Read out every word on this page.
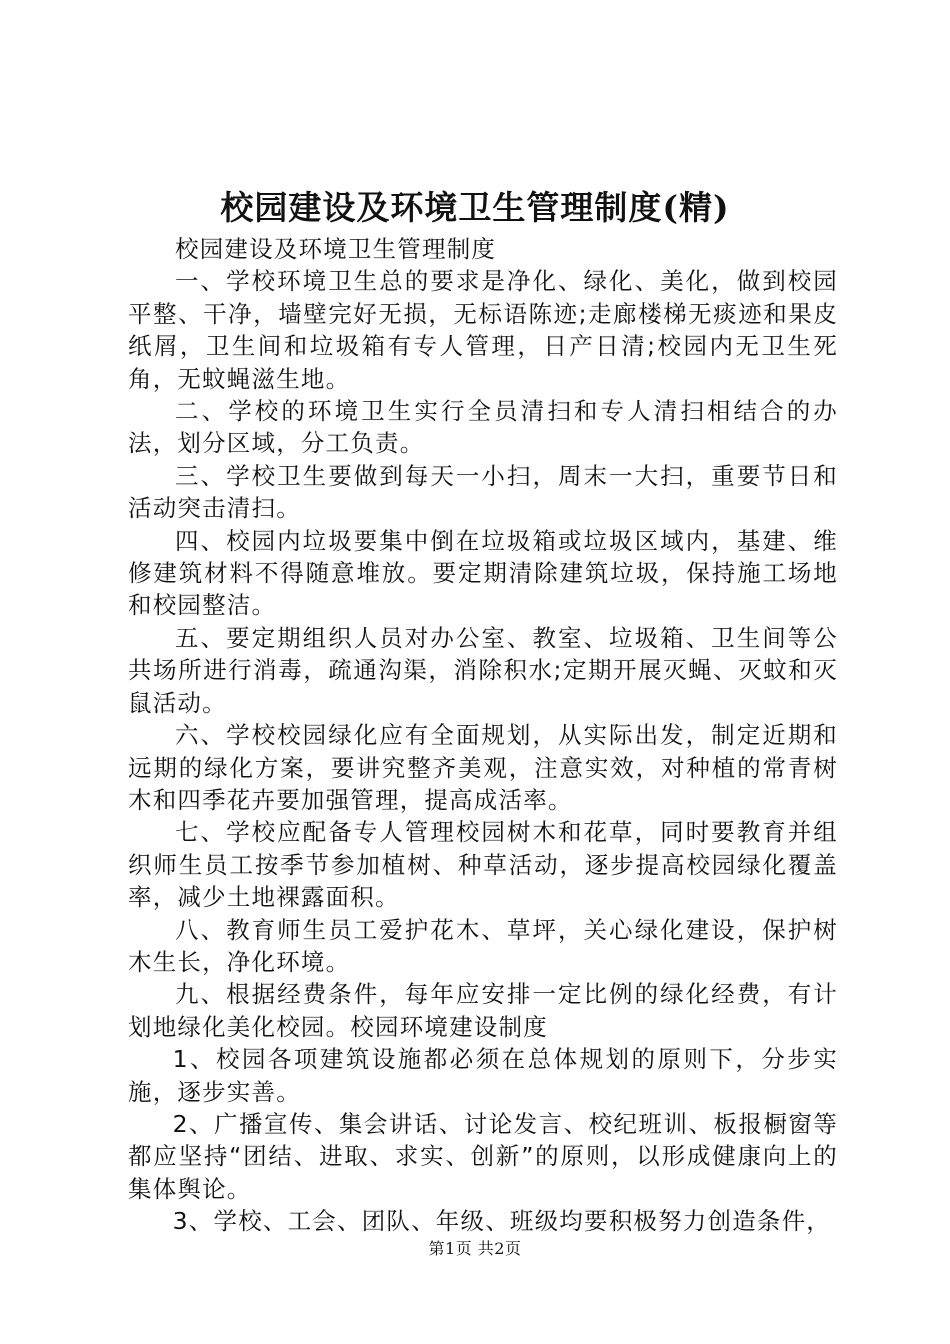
校园建设及环境卫生管理制度(精)

校园建设及环境卫生管理制度

一、学校环境卫生总的要求是净化、绿化、美化，做到校园平整、干净，墙壁完好无损，无标语陈迹;走廊楼梯无痰迹和果皮纸屑，卫生间和垃圾箱有专人管理，日产日清;校园内无卫生死角，无蚊蝇滋生地。

二、学校的环境卫生实行全员清扫和专人清扫相结合的办法，划分区域，分工负责。

三、学校卫生要做到每天一小扫，周末一大扫，重要节日和活动突击清扫。

四、校园内垃圾要集中倒在垃圾箱或垃圾区域内，基建、维修建筑材料不得随意堆放。要定期清除建筑垃圾，保持施工场地和校园整洁。

五、要定期组织人员对办公室、教室、垃圾箱、卫生间等公共场所进行消毒，疏通沟渠，消除积水;定期开展灭蝇、灭蚊和灭鼠活动。

六、学校校园绿化应有全面规划，从实际出发，制定近期和远期的绿化方案，要讲究整齐美观，注意实效，对种植的常青树木和四季花卉要加强管理，提高成活率。

七、学校应配备专人管理校园树木和花草，同时要教育并组织师生员工按季节参加植树、种草活动，逐步提高校园绿化覆盖率，减少土地裸露面积。

八、教育师生员工爱护花木、草坪，关心绿化建设，保护树木生长，净化环境。

九、根据经费条件，每年应安排一定比例的绿化经费，有计划地绿化美化校园。校园环境建设制度

1、校园各项建筑设施都必须在总体规划的原则下，分步实施，逐步实善。

2、广播宣传、集会讲话、讨论发言、校纪班训、板报橱窗等都应坚持“团结、进取、求实、创新”的原则，以形成健康向上的集体舆论。

3、学校、工会、团队、年级、班级均要积极努力创造条件，

第1页 共2页
